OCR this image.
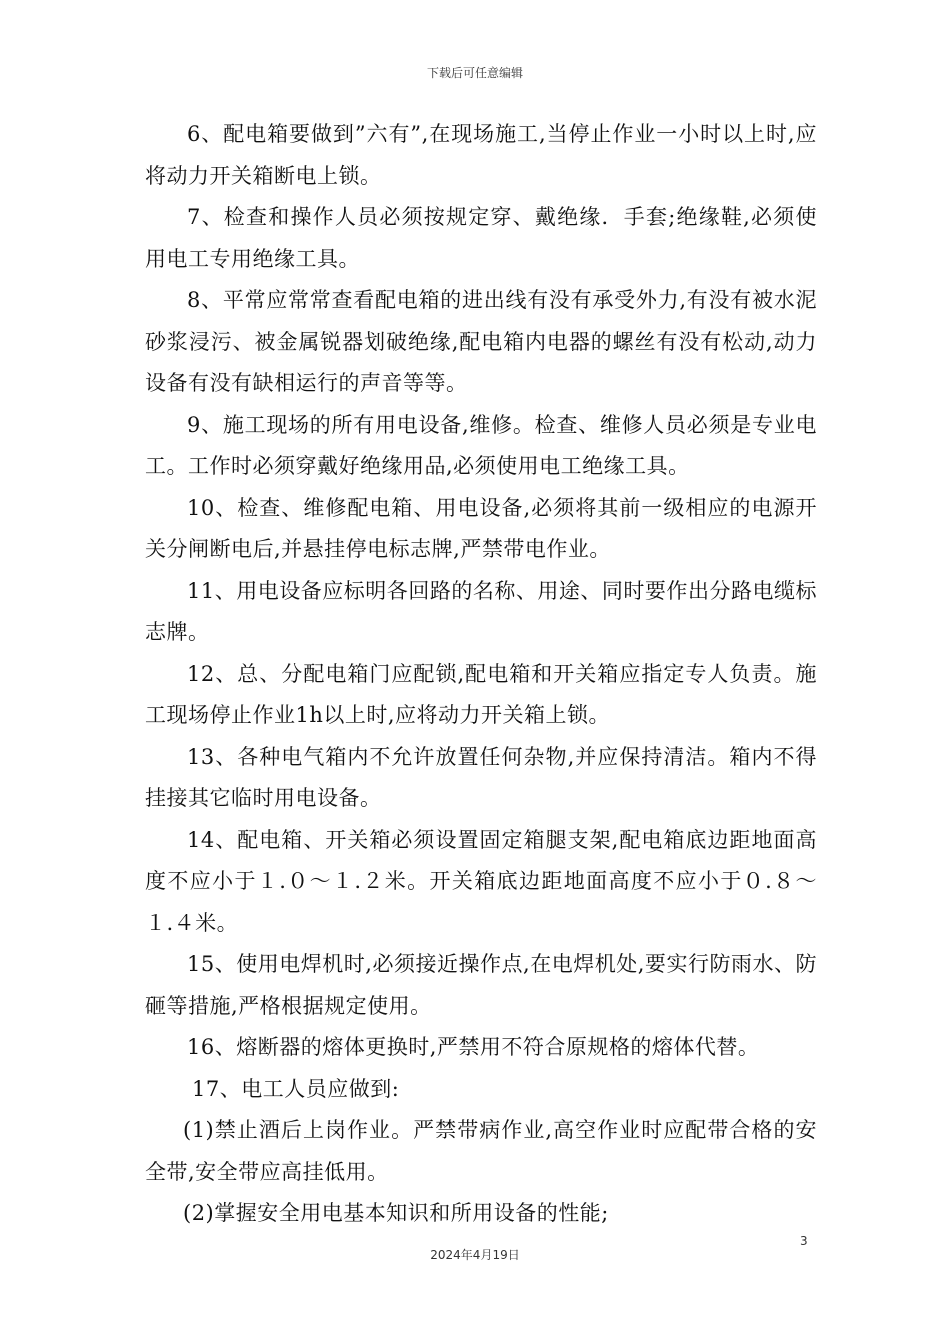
下载后可任意编辑

6、配电箱要做到”六有”,在现场施工,当停止作业一小时以上时,应将动力开关箱断电上锁。

7、检查和操作人员必须按规定穿、戴绝缘．手套;绝缘鞋,必须使用电工专用绝缘工具。

8、平常应常常查看配电箱的进出线有没有承受外力,有没有被水泥砂浆浸污、被金属锐器划破绝缘,配电箱内电器的螺丝有没有松动,动力设备有没有缺相运行的声音等等。

9、施工现场的所有用电设备,维修。检查、维修人员必须是专业电工。工作时必须穿戴好绝缘用品,必须使用电工绝缘工具。

10、检查、维修配电箱、用电设备,必须将其前一级相应的电源开关分闸断电后,并悬挂停电标志牌,严禁带电作业。

11、用电设备应标明各回路的名称、用途、同时要作出分路电缆标志牌。

12、总、分配电箱门应配锁,配电箱和开关箱应指定专人负责。施工现场停止作业1h以上时,应将动力开关箱上锁。

13、各种电气箱内不允许放置任何杂物,并应保持清洁。箱内不得挂接其它临时用电设备。

14、配电箱、开关箱必须设置固定箱腿支架,配电箱底边距地面高度不应小于１.０～１.２米。开关箱底边距地面高度不应小于０.８～１.４米。

15、使用电焊机时,必须接近操作点,在电焊机处,要实行防雨水、防砸等措施,严格根据规定使用。

16、熔断器的熔体更换时,严禁用不符合原规格的熔体代替。

17、电工人员应做到:

(1)禁止酒后上岗作业。严禁带病作业,高空作业时应配带合格的安全带,安全带应高挂低用。

(2)掌握安全用电基本知识和所用设备的性能;

3
2024年4月19日
